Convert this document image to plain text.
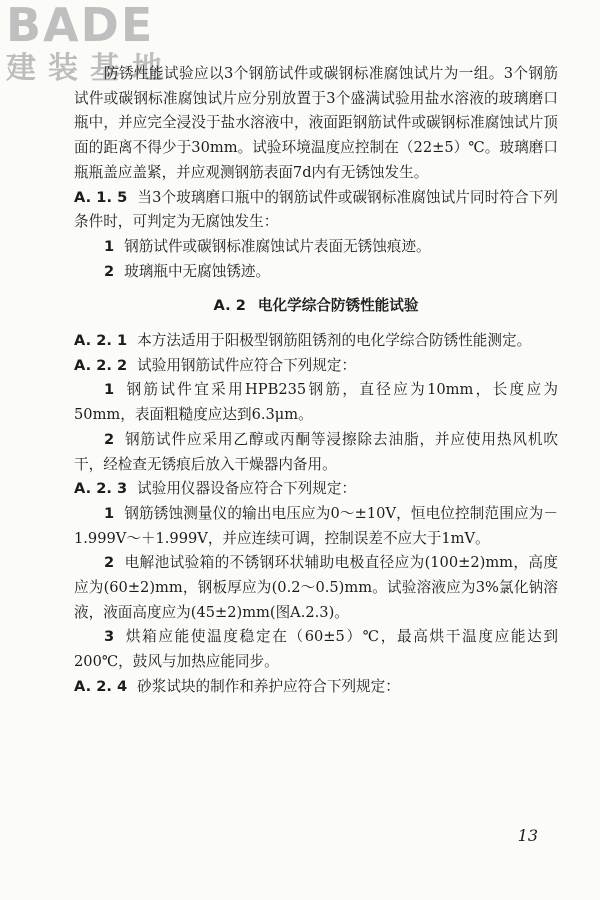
BADE
建装基地

防锈性能试验应以3个钢筋试件或碳钢标准腐蚀试片为一组。3个钢筋试件或碳钢标准腐蚀试片应分别放置于3个盛满试验用盐水溶液的玻璃磨口瓶中，并应完全浸没于盐水溶液中，液面距钢筋试件或碳钢标准腐蚀试片顶面的距离不得少于30mm。试验环境温度应控制在（22±5）℃。玻璃磨口瓶瓶盖应盖紧，并应观测钢筋表面7d内有无锈蚀发生。

A. 1. 5 当3个玻璃磨口瓶中的钢筋试件或碳钢标准腐蚀试片同时符合下列条件时，可判定为无腐蚀发生：

1 钢筋试件或碳钢标准腐蚀试片表面无锈蚀痕迹。

2 玻璃瓶中无腐蚀锈迹。

A. 2 电化学综合防锈性能试验

A. 2. 1 本方法适用于阳极型钢筋阻锈剂的电化学综合防锈性能测定。

A. 2. 2 试验用钢筋试件应符合下列规定：

1 钢筋试件宜采用HPB235钢筋，直径应为10mm，长度应为50mm，表面粗糙度应达到6.3μm。

2 钢筋试件应采用乙醇或丙酮等浸擦除去油脂，并应使用热风机吹干，经检查无锈痕后放入干燥器内备用。

A. 2. 3 试验用仪器设备应符合下列规定：

1 钢筋锈蚀测量仪的输出电压应为0～±10V，恒电位控制范围应为－1.999V～＋1.999V，并应连续可调，控制误差不应大于1mV。

2 电解池试验箱的不锈钢环状辅助电极直径应为(100±2)mm，高度应为(60±2)mm，钢板厚应为(0.2～0.5)mm。试验溶液应为3%氯化钠溶液，液面高度应为(45±2)mm(图A.2.3)。

3 烘箱应能使温度稳定在（60±5）℃，最高烘干温度应能达到200℃，鼓风与加热应能同步。

A. 2. 4 砂浆试块的制作和养护应符合下列规定：

13
